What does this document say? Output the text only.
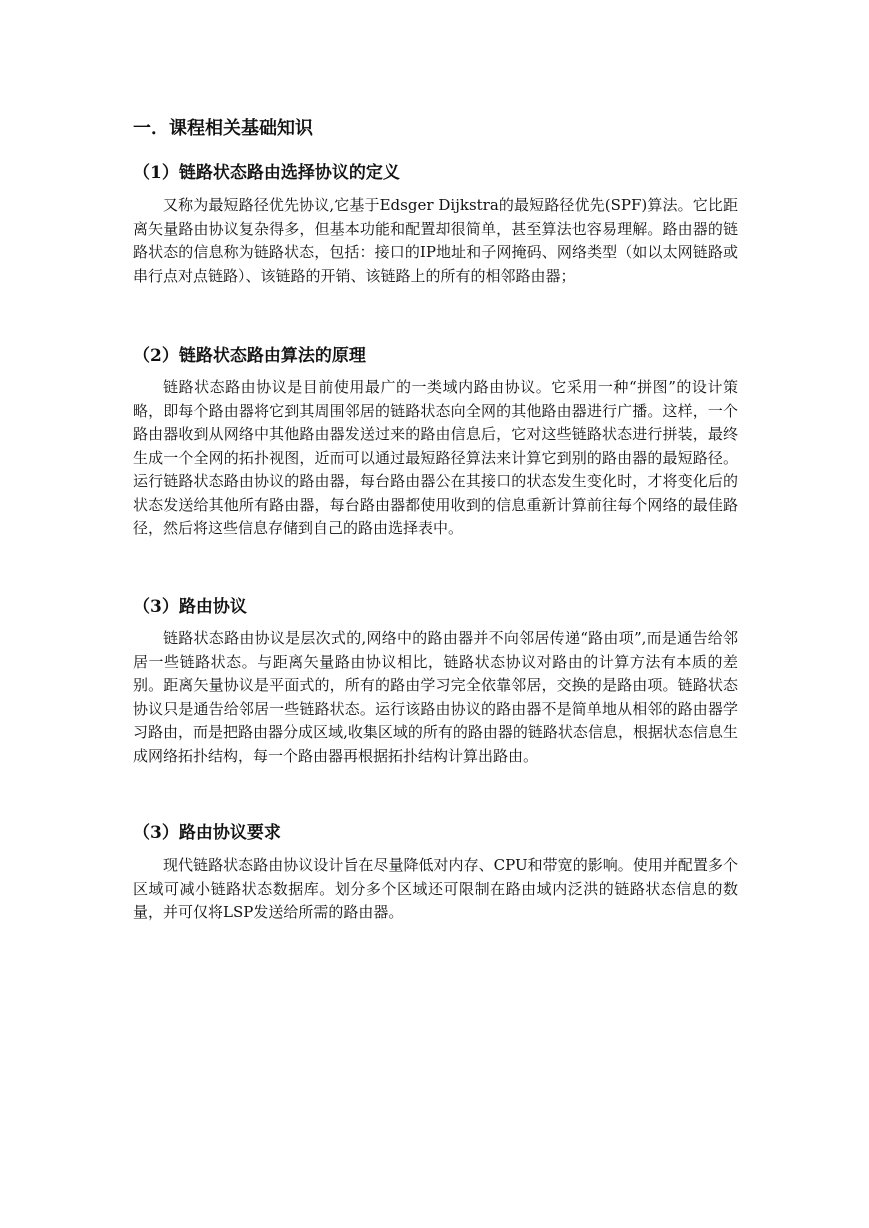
一．课程相关基础知识
（1）链路状态路由选择协议的定义

又称为最短路径优先协议,它基于Edsger Dijkstra的最短路径优先(SPF)算法。它比距离矢量路由协议复杂得多，但基本功能和配置却很简单，甚至算法也容易理解。路由器的链路状态的信息称为链路状态，包括：接口的IP地址和子网掩码、网络类型（如以太网链路或串行点对点链路）、该链路的开销、该链路上的所有的相邻路由器；

（2）链路状态路由算法的原理

链路状态路由协议是目前使用最广的一类域内路由协议。它采用一种“拼图”的设计策略，即每个路由器将它到其周围邻居的链路状态向全网的其他路由器进行广播。这样，一个路由器收到从网络中其他路由器发送过来的路由信息后，它对这些链路状态进行拼装，最终生成一个全网的拓扑视图，近而可以通过最短路径算法来计算它到别的路由器的最短路径。运行链路状态路由协议的路由器，每台路由器公在其接口的状态发生变化时，才将变化后的状态发送给其他所有路由器，每台路由器都使用收到的信息重新计算前往每个网络的最佳路径，然后将这些信息存储到自己的路由选择表中。

（3）路由协议

链路状态路由协议是层次式的,网络中的路由器并不向邻居传递“路由项”,而是通告给邻居一些链路状态。与距离矢量路由协议相比，链路状态协议对路由的计算方法有本质的差别。距离矢量协议是平面式的，所有的路由学习完全依靠邻居，交换的是路由项。链路状态协议只是通告给邻居一些链路状态。运行该路由协议的路由器不是简单地从相邻的路由器学习路由，而是把路由器分成区域,收集区域的所有的路由器的链路状态信息，根据状态信息生成网络拓扑结构，每一个路由器再根据拓扑结构计算出路由。

（3）路由协议要求

现代链路状态路由协议设计旨在尽量降低对内存、CPU和带宽的影响。使用并配置多个区域可减小链路状态数据库。划分多个区域还可限制在路由域内泛洪的链路状态信息的数量，并可仅将LSP发送给所需的路由器。
